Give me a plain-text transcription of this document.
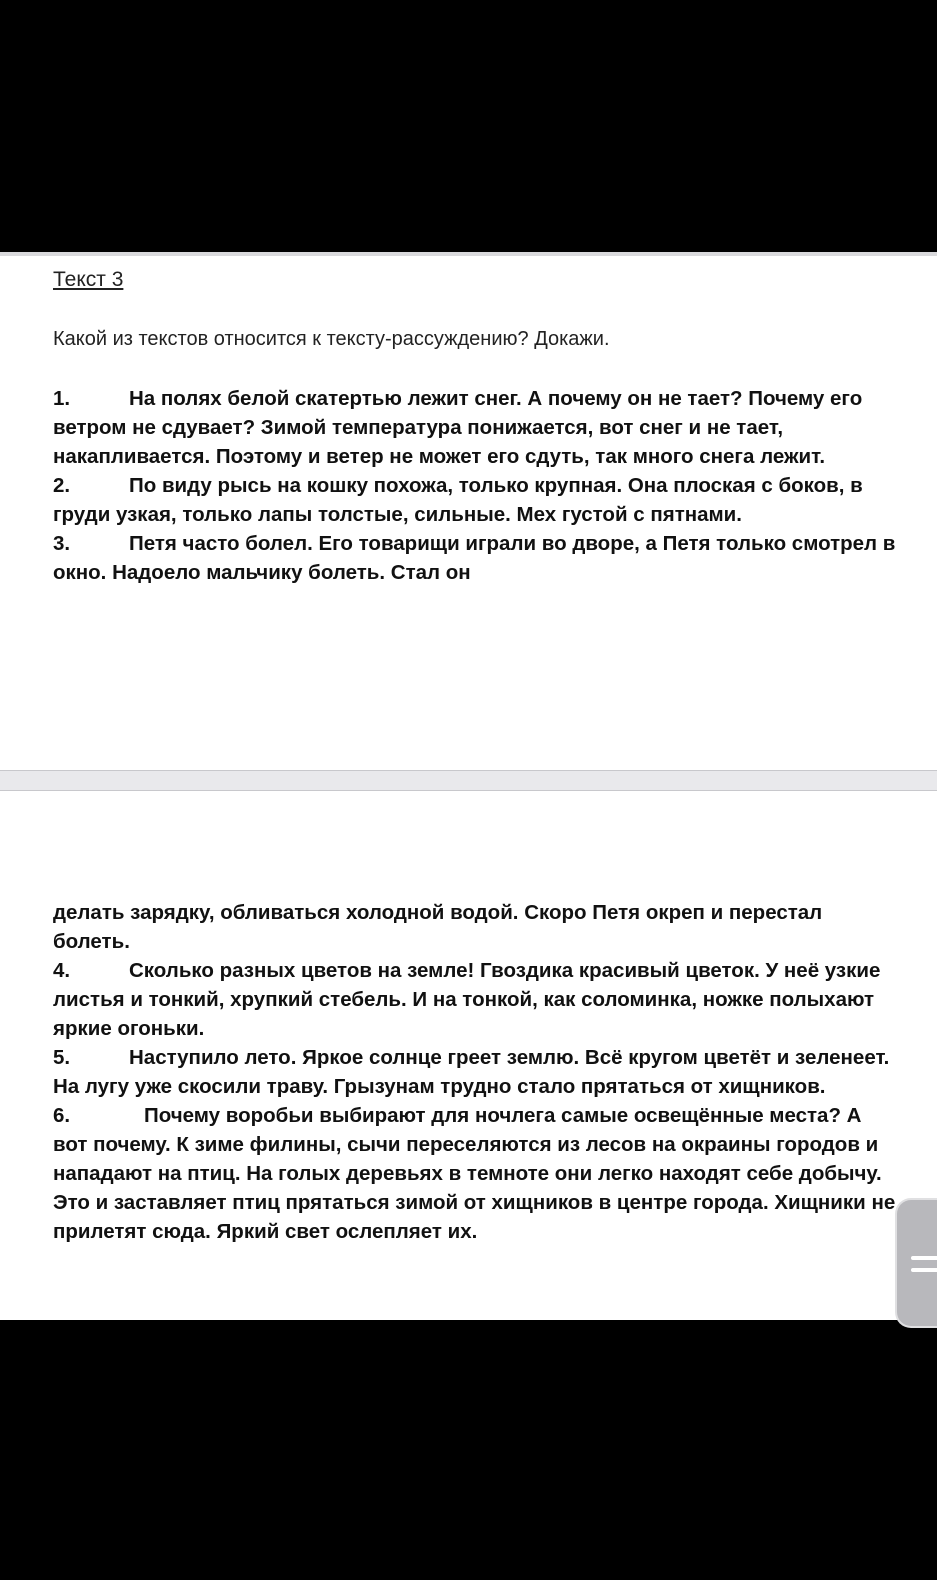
Текст 3
Какой из текстов относится к тексту-рассуждению? Докажи.

1.	На полях белой скатертью лежит снег. А почему он не тает? Почему его ветром не сдувает? Зимой температура понижается, вот снег и не тает, накапливается. Поэтому и ветер не может его сдуть, так много снега лежит.

2.	По виду рысь на кошку похожа, только крупная. Она плоская с боков, в груди узкая, только лапы толстые, сильные. Мех густой с пятнами.

3.	Петя часто болел. Его товарищи играли во дворе, а Петя только смотрел в окно. Надоело мальчику болеть. Стал он

делать зарядку, обливаться холодной водой. Скоро Петя окреп и перестал болеть.

4.	Сколько разных цветов на земле! Гвоздика красивый цветок. У неё узкие листья и тонкий, хрупкий стебель. И на тонкой, как соломинка, ножке полыхают яркие огоньки.

5.	Наступило лето. Яркое солнце греет землю. Всё кругом цветёт и зеленеет. На лугу уже скосили траву. Грызунам трудно стало прятаться от хищников.

6.	Почему воробьи выбирают для ночлега самые освещённые места? А вот почему. К зиме филины, сычи переселяются из лесов на окраины городов и нападают на птиц. На голых деревьях в темноте они легко находят себе добычу. Это и заставляет птиц прятаться зимой от хищников в центре города. Хищники не прилетят сюда. Яркий свет ослепляет их.
